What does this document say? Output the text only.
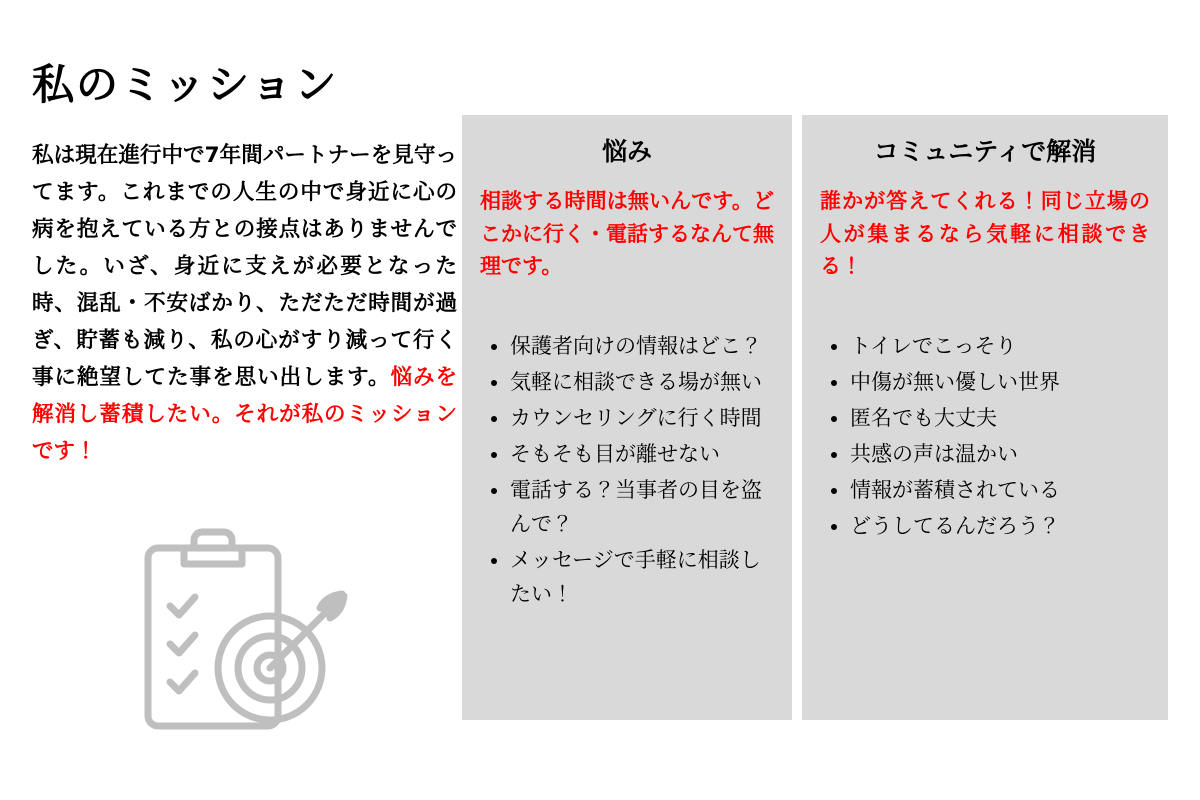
私のミッション

私は現在進行中で7年間パートナーを見守ってます。これまでの人生の中で身近に心の病を抱えている方との接点はありませんでした。いざ、身近に支えが必要となった時、混乱・不安ばかり、ただただ時間が過ぎ、貯蓄も減り、私の心がすり減って行く事に絶望してた事を思い出します。悩みを解消し蓄積したい。それが私のミッションです！

悩み

相談する時間は無いんです。どこかに行く・電話するなんて無理です。

• 保護者向けの情報はどこ？
• 気軽に相談できる場が無い
• カウンセリングに行く時間
• そもそも目が離せない
• 電話する？当事者の目を盗んで？
• メッセージで手軽に相談したい！
コミュニティで解消

誰かが答えてくれる！同じ立場の人が集まるなら気軽に相談できる！

• トイレでこっそり
• 中傷が無い優しい世界
• 匿名でも大丈夫
• 共感の声は温かい
• 情報が蓄積されている
• どうしてるんだろう？
